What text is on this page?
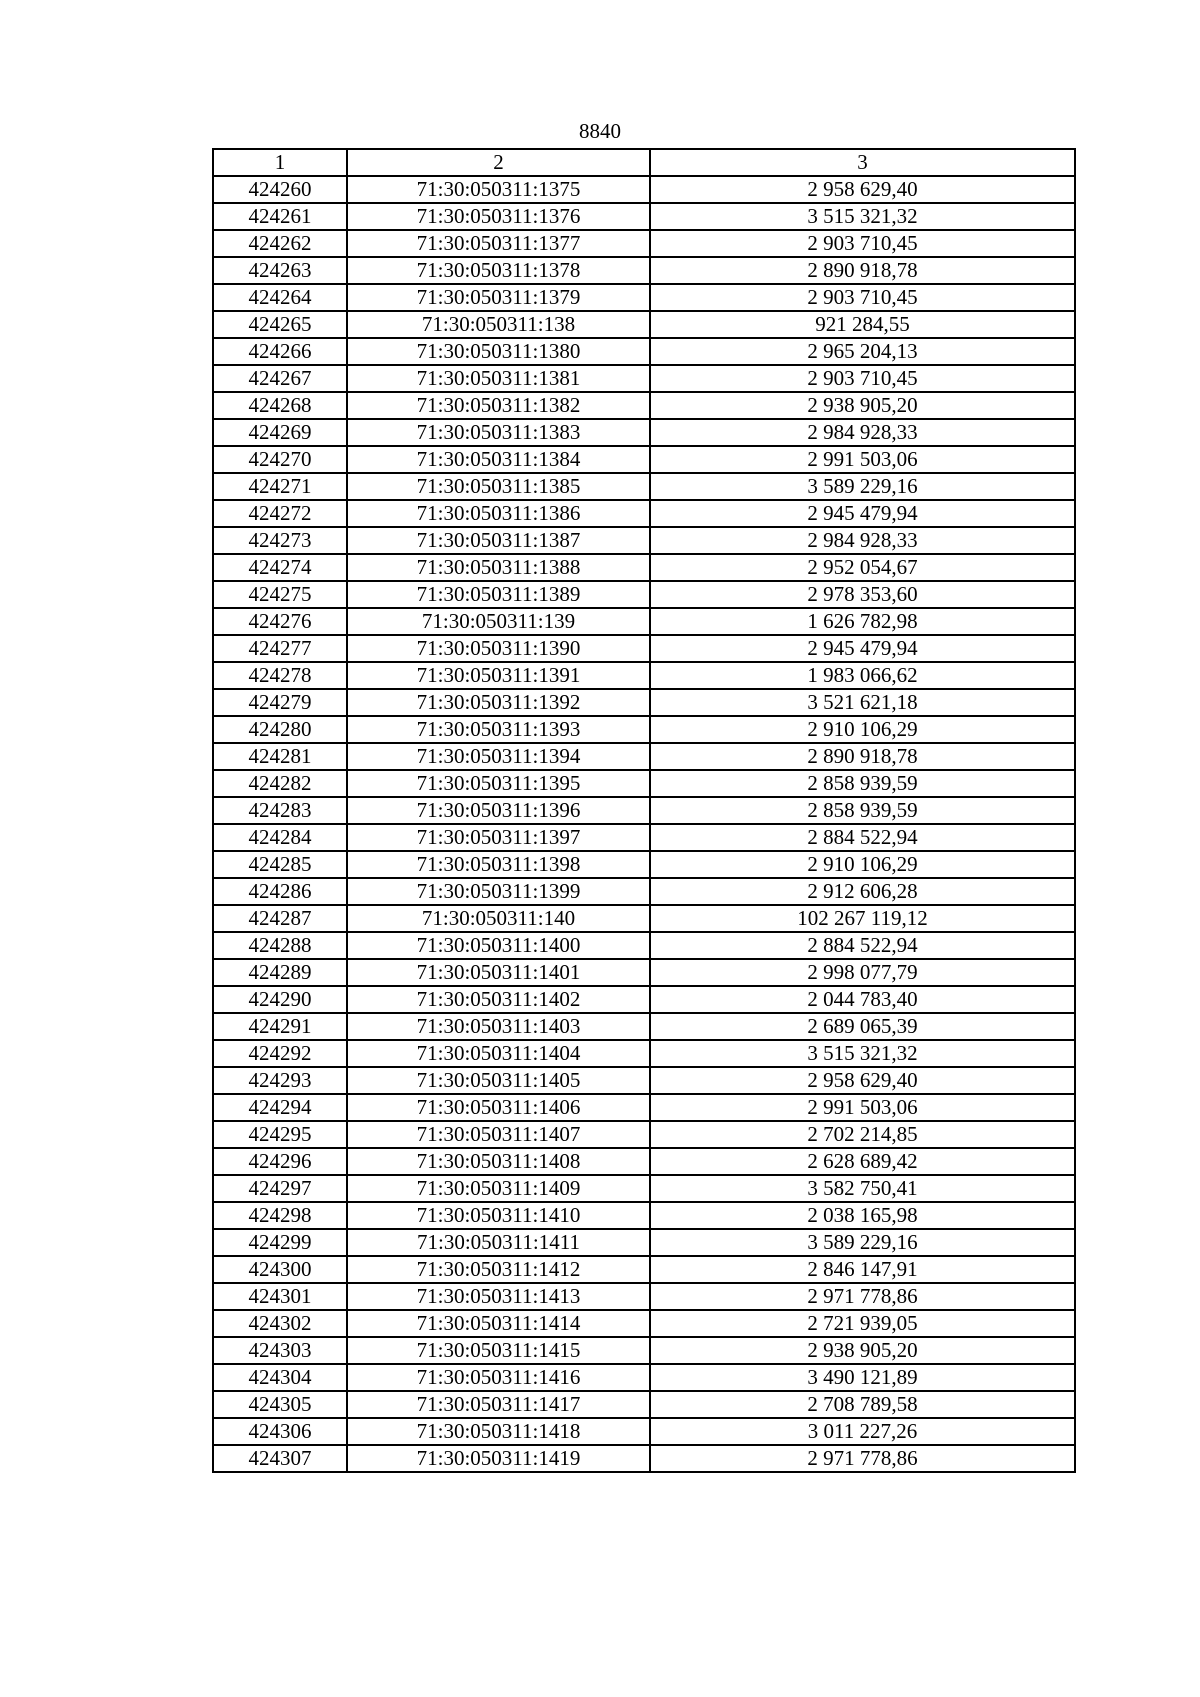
8840
1	2	3
424260	71:30:050311:1375	2 958 629,40
424261	71:30:050311:1376	3 515 321,32
424262	71:30:050311:1377	2 903 710,45
424263	71:30:050311:1378	2 890 918,78
424264	71:30:050311:1379	2 903 710,45
424265	71:30:050311:138	921 284,55
424266	71:30:050311:1380	2 965 204,13
424267	71:30:050311:1381	2 903 710,45
424268	71:30:050311:1382	2 938 905,20
424269	71:30:050311:1383	2 984 928,33
424270	71:30:050311:1384	2 991 503,06
424271	71:30:050311:1385	3 589 229,16
424272	71:30:050311:1386	2 945 479,94
424273	71:30:050311:1387	2 984 928,33
424274	71:30:050311:1388	2 952 054,67
424275	71:30:050311:1389	2 978 353,60
424276	71:30:050311:139	1 626 782,98
424277	71:30:050311:1390	2 945 479,94
424278	71:30:050311:1391	1 983 066,62
424279	71:30:050311:1392	3 521 621,18
424280	71:30:050311:1393	2 910 106,29
424281	71:30:050311:1394	2 890 918,78
424282	71:30:050311:1395	2 858 939,59
424283	71:30:050311:1396	2 858 939,59
424284	71:30:050311:1397	2 884 522,94
424285	71:30:050311:1398	2 910 106,29
424286	71:30:050311:1399	2 912 606,28
424287	71:30:050311:140	102 267 119,12
424288	71:30:050311:1400	2 884 522,94
424289	71:30:050311:1401	2 998 077,79
424290	71:30:050311:1402	2 044 783,40
424291	71:30:050311:1403	2 689 065,39
424292	71:30:050311:1404	3 515 321,32
424293	71:30:050311:1405	2 958 629,40
424294	71:30:050311:1406	2 991 503,06
424295	71:30:050311:1407	2 702 214,85
424296	71:30:050311:1408	2 628 689,42
424297	71:30:050311:1409	3 582 750,41
424298	71:30:050311:1410	2 038 165,98
424299	71:30:050311:1411	3 589 229,16
424300	71:30:050311:1412	2 846 147,91
424301	71:30:050311:1413	2 971 778,86
424302	71:30:050311:1414	2 721 939,05
424303	71:30:050311:1415	2 938 905,20
424304	71:30:050311:1416	3 490 121,89
424305	71:30:050311:1417	2 708 789,58
424306	71:30:050311:1418	3 011 227,26
424307	71:30:050311:1419	2 971 778,86
